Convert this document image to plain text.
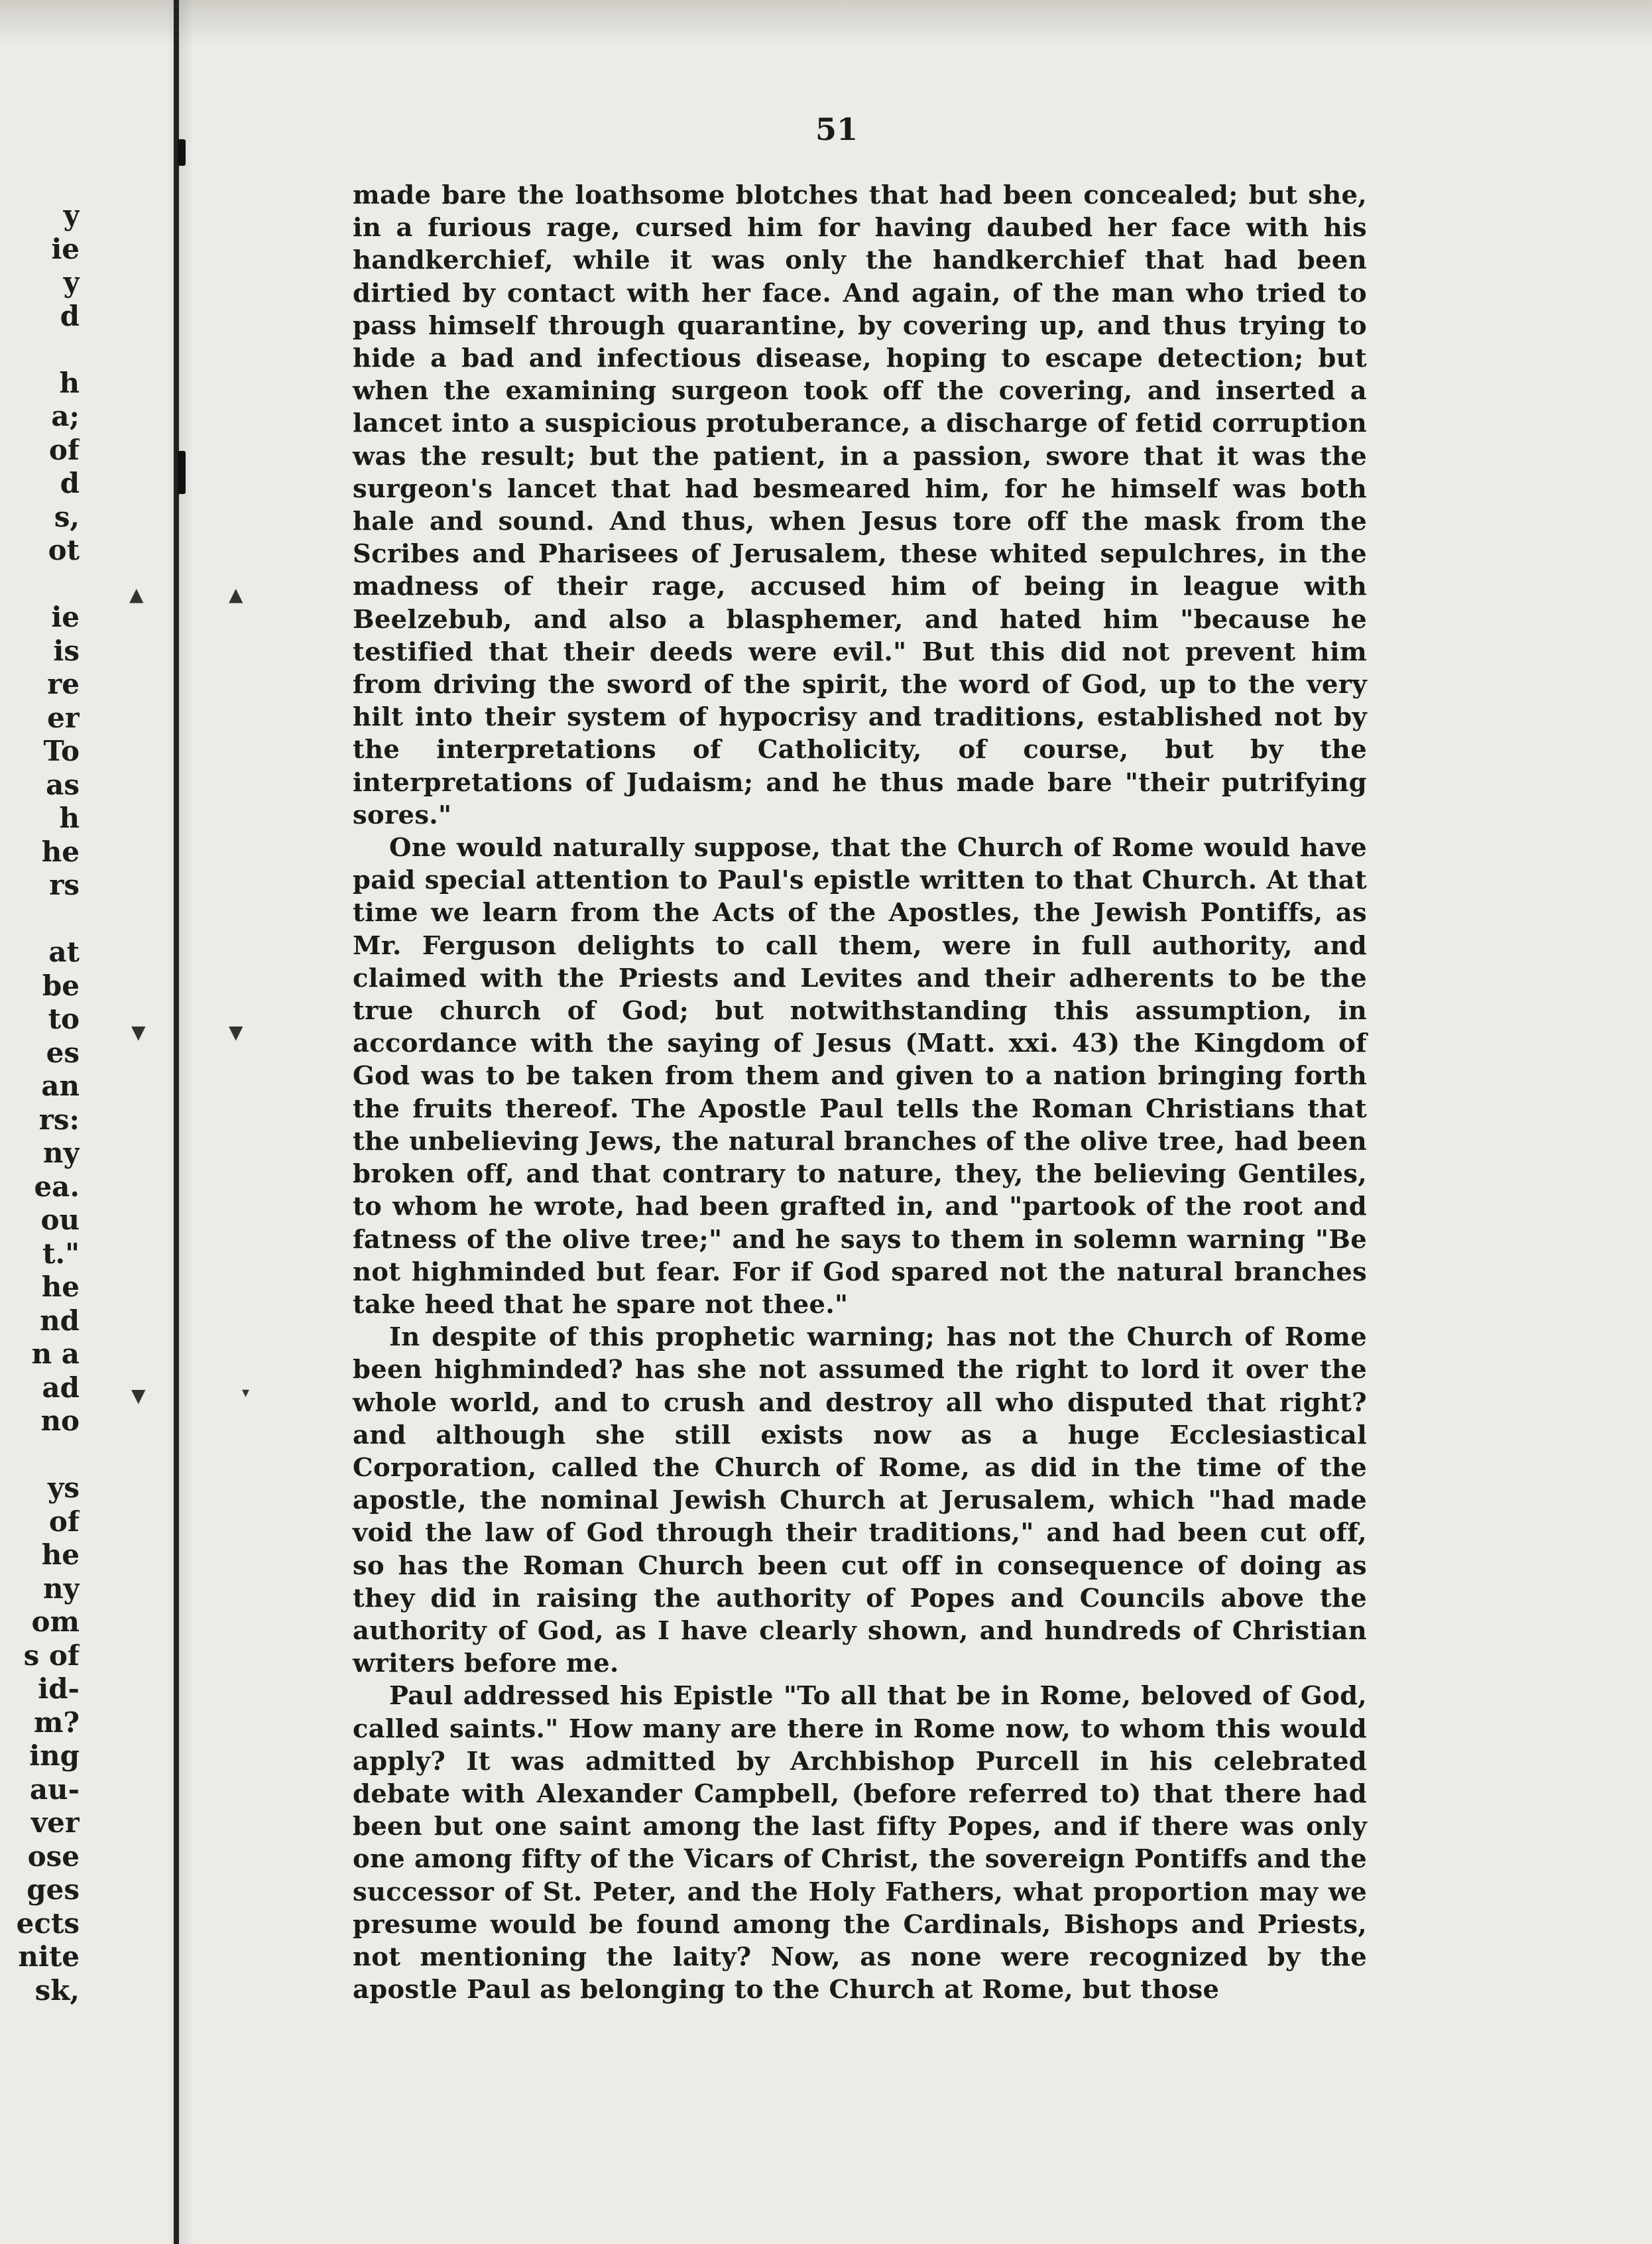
▲	▲
▼	▼
▼	▾
y
ie
y
d
h
a;
of
d
s,
ot
ie
is
re
er
To
as
h
he
rs
at
be
to
es
an
rs:
ny
ea.
ou
t."
he
nd
n a
ad
no
ys
of
he
ny
om
s of
id-
m?
ing
au-
ver
ose
ges
ects
nite
sk,
51

made bare the loathsome blotches that had been concealed; but she, in a furious rage, cursed him for having daubed her face with his handkerchief, while it was only the handkerchief that had been dirtied by contact with her face. And again, of the man who tried to pass himself through quarantine, by covering up, and thus trying to hide a bad and infectious disease, hoping to escape detection; but when the examining surgeon took off the covering, and inserted a lancet into a suspicious protuberance, a discharge of fetid corruption was the result; but the patient, in a passion, swore that it was the surgeon's lancet that had besmeared him, for he himself was both hale and sound. And thus, when Jesus tore off the mask from the Scribes and Pharisees of Jerusalem, these whited sepulchres, in the madness of their rage, accused him of being in league with Beelzebub, and also a blasphemer, and hated him "because he testified that their deeds were evil." But this did not prevent him from driving the sword of the spirit, the word of God, up to the very hilt into their system of hypocrisy and traditions, established not by the interpretations of Catholicity, of course, but by the interpretations of Judaism; and he thus made bare "their putrifying sores."

One would naturally suppose, that the Church of Rome would have paid special attention to Paul's epistle written to that Church. At that time we learn from the Acts of the Apostles, the Jewish Pontiffs, as Mr. Ferguson delights to call them, were in full authority, and claimed with the Priests and Levites and their adherents to be the true church of God; but notwithstanding this assumption, in accordance with the saying of Jesus (Matt. xxi. 43) the Kingdom of God was to be taken from them and given to a nation bringing forth the fruits thereof. The Apostle Paul tells the Roman Christians that the unbelieving Jews, the natural branches of the olive tree, had been broken off, and that contrary to nature, they, the believing Gentiles, to whom he wrote, had been grafted in, and "partook of the root and fatness of the olive tree;" and he says to them in solemn warning "Be not highminded but fear. For if God spared not the natural branches take heed that he spare not thee."

In despite of this prophetic warning; has not the Church of Rome been highminded? has she not assumed the right to lord it over the whole world, and to crush and destroy all who disputed that right? and although she still exists now as a huge Ecclesiastical Corporation, called the Church of Rome, as did in the time of the apostle, the nominal Jewish Church at Jerusalem, which "had made void the law of God through their traditions," and had been cut off, so has the Roman Church been cut off in consequence of doing as they did in raising the authority of Popes and Councils above the authority of God, as I have clearly shown, and hundreds of Christian writers before me.

Paul addressed his Epistle "To all that be in Rome, beloved of God, called saints." How many are there in Rome now, to whom this would apply? It was admitted by Archbishop Purcell in his celebrated debate with Alexander Campbell, (before referred to) that there had been but one saint among the last fifty Popes, and if there was only one among fifty of the Vicars of Christ, the sovereign Pontiffs and the successor of St. Peter, and the Holy Fathers, what proportion may we presume would be found among the Cardinals, Bishops and Priests, not mentioning the laity? Now, as none were recognized by the apostle Paul as belonging to the Church at Rome, but those
